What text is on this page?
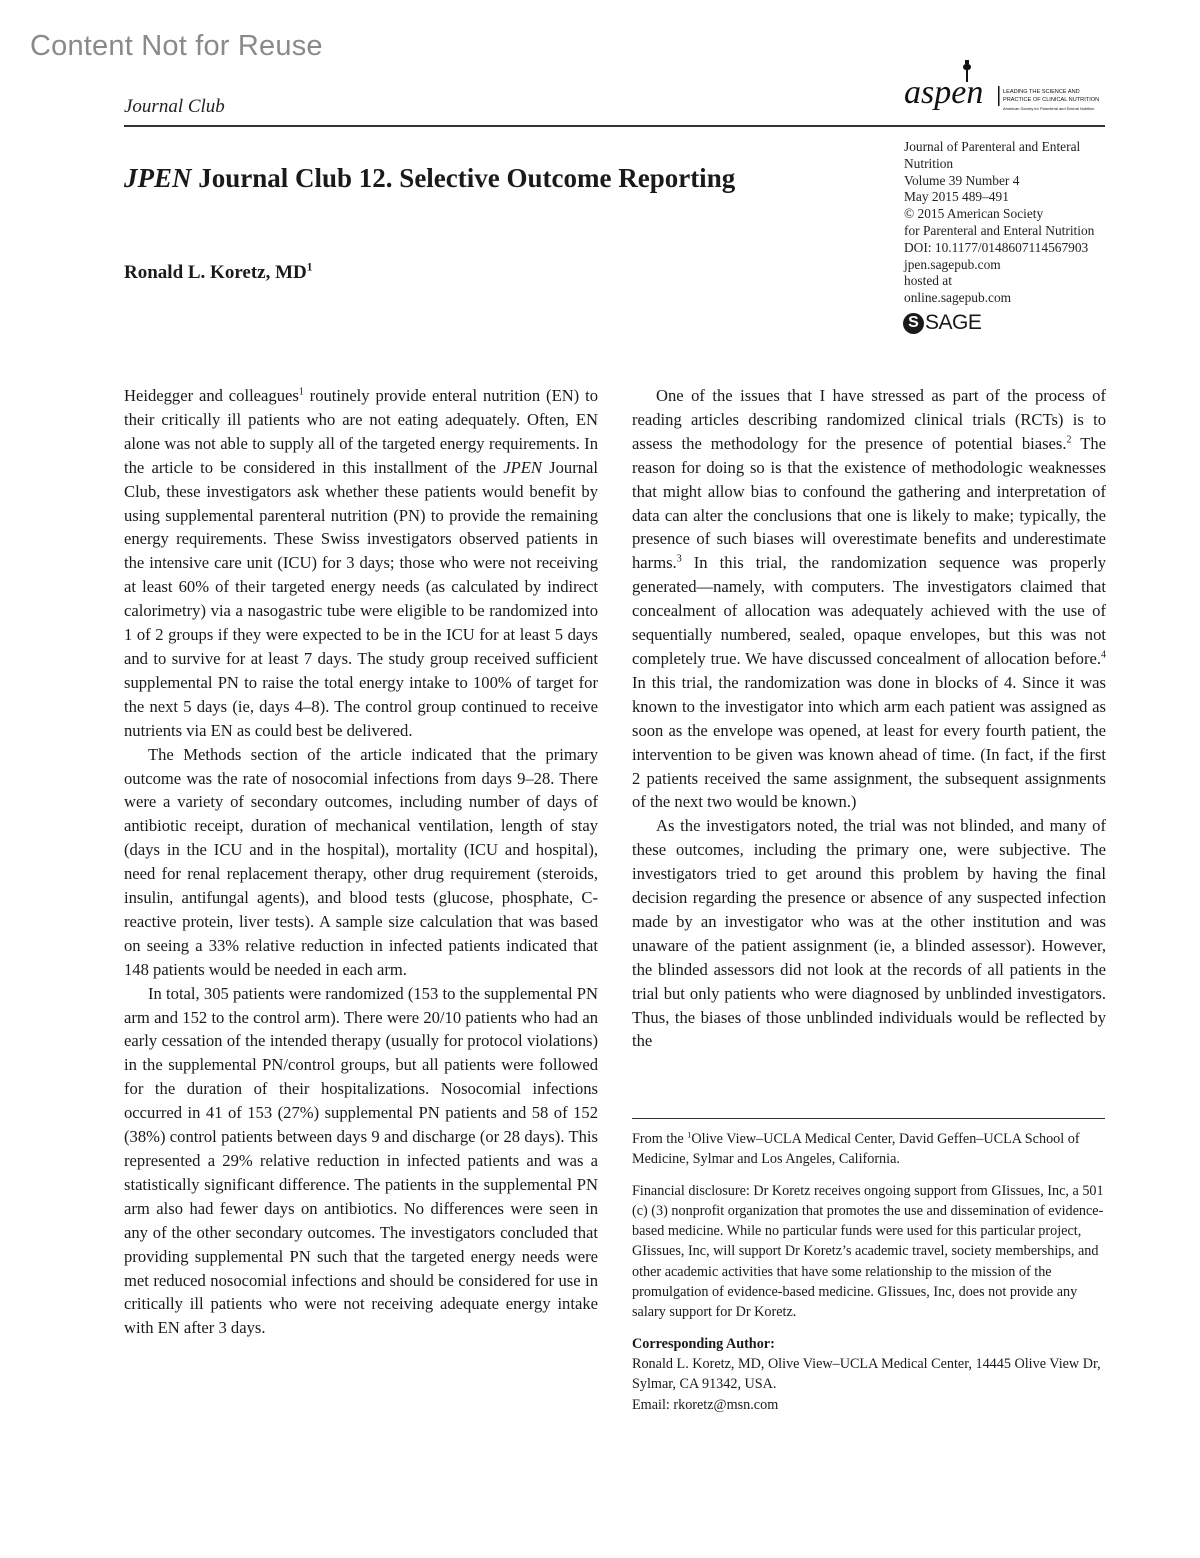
Content Not for Reuse
Journal Club	aspen	LEADING THE SCIENCE AND
PRACTICE OF CLINICAL NUTRITION
American Society for Parenteral and Enteral Nutrition
JPEN Journal Club 12. Selective Outcome Reporting
Ronald L. Koretz, $MD^1$
Journal of Parenteral and Enteral
Nutrition
Volume 39 Number 4
May 2015 489–491
© 2015 American Society
for Parenteral and Enteral Nutrition
DOI: 10.1177/0148607114567903
jpen.sagepub.com
hosted at
online.sagepub.com
S SAGE

Heidegger and colleagues$^1$ routinely provide enteral nutrition (EN) to their critically ill patients who are not eating adequately. Often, EN alone was not able to supply all of the targeted energy requirements. In the article to be considered in this installment of the JPEN Journal Club, these investigators ask whether these patients would benefit by using supplemental parenteral nutrition (PN) to provide the remaining energy requirements. These Swiss investigators observed patients in the intensive care unit (ICU) for 3 days; those who were not receiving at least 60% of their targeted energy needs (as calculated by indirect calorimetry) via a nasogastric tube were eligible to be randomized into 1 of 2 groups if they were expected to be in the ICU for at least 5 days and to survive for at least 7 days. The study group received sufficient supplemental PN to raise the total energy intake to 100% of target for the next 5 days (ie, days 4–8). The control group continued to receive nutrients via EN as could best be delivered.

The Methods section of the article indicated that the primary outcome was the rate of nosocomial infections from days 9–28. There were a variety of secondary outcomes, including number of days of antibiotic receipt, duration of mechanical ventilation, length of stay (days in the ICU and in the hospital), mortality (ICU and hospital), need for renal replacement therapy, other drug requirement (steroids, insulin, antifungal agents), and blood tests (glucose, phosphate, C-reactive protein, liver tests). A sample size calculation that was based on seeing a 33% relative reduction in infected patients indicated that 148 patients would be needed in each arm.

In total, 305 patients were randomized (153 to the supplemental PN arm and 152 to the control arm). There were 20/10 patients who had an early cessation of the intended therapy (usually for protocol violations) in the supplemental PN/control groups, but all patients were followed for the duration of their hospitalizations. Nosocomial infections occurred in 41 of 153 (27%) supplemental PN patients and 58 of 152 (38%) control patients between days 9 and discharge (or 28 days). This represented a 29% relative reduction in infected patients and was a statistically significant difference. The patients in the supplemental PN arm also had fewer days on antibiotics. No differences were seen in any of the other secondary outcomes. The investigators concluded that providing supplemental PN such that the targeted energy needs were met reduced nosocomial infections and should be considered for use in critically ill patients who were not receiving adequate energy intake with EN after 3 days.

One of the issues that I have stressed as part of the process of reading articles describing randomized clinical trials (RCTs) is to assess the methodology for the presence of potential biases.$^2$ The reason for doing so is that the existence of methodologic weaknesses that might allow bias to confound the gathering and interpretation of data can alter the conclusions that one is likely to make; typically, the presence of such biases will overestimate benefits and underestimate harms.$^3$ In this trial, the randomization sequence was properly generated—namely, with computers. The investigators claimed that concealment of allocation was adequately achieved with the use of sequentially numbered, sealed, opaque envelopes, but this was not completely true. We have discussed concealment of allocation before.$^4$ In this trial, the randomization was done in blocks of 4. Since it was known to the investigator into which arm each patient was assigned as soon as the envelope was opened, at least for every fourth patient, the intervention to be given was known ahead of time. (In fact, if the first 2 patients received the same assignment, the subsequent assignments of the next two would be known.)

As the investigators noted, the trial was not blinded, and many of these outcomes, including the primary one, were subjective. The investigators tried to get around this problem by having the final decision regarding the presence or absence of any suspected infection made by an investigator who was at the other institution and was unaware of the patient assignment (ie, a blinded assessor). However, the blinded assessors did not look at the records of all patients in the trial but only patients who were diagnosed by unblinded investigators. Thus, the biases of those unblinded individuals would be reflected by the

From the $^1$Olive View–UCLA Medical Center, David Geffen–UCLA School of Medicine, Sylmar and Los Angeles, California.

Financial disclosure: Dr Koretz receives ongoing support from GIissues, Inc, a 501 (c) (3) nonprofit organization that promotes the use and dissemination of evidence-based medicine. While no particular funds were used for this particular project, GIissues, Inc, will support Dr Koretz’s academic travel, society memberships, and other academic activities that have some relationship to the mission of the promulgation of evidence-based medicine. GIissues, Inc, does not provide any salary support for Dr Koretz.

Corresponding Author:
Ronald L. Koretz, MD, Olive View–UCLA Medical Center, 14445 Olive View Dr, Sylmar, CA 91342, USA.
Email: rkoretz@msn.com
